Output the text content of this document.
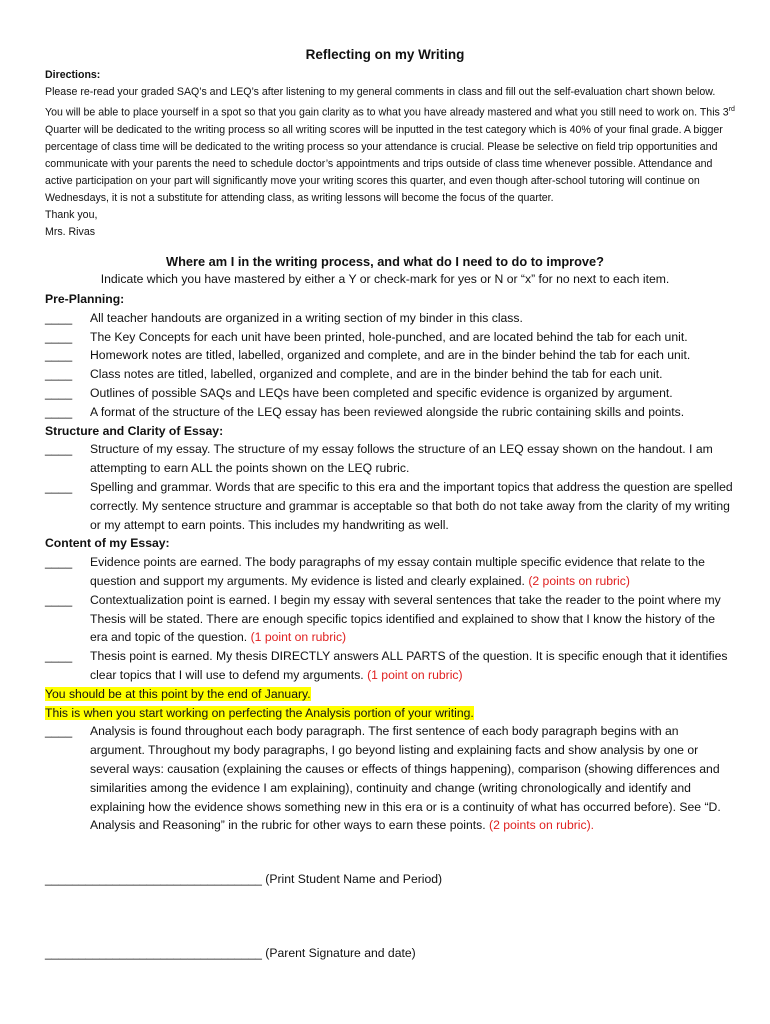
Reflecting on my Writing
Directions:

Please re-read your graded SAQ’s and LEQ’s after listening to my general comments in class and fill out the self-evaluation chart shown below. You will be able to place yourself in a spot so that you gain clarity as to what you have already mastered and what you still need to work on. This 3rd Quarter will be dedicated to the writing process so all writing scores will be inputted in the test category which is 40% of your final grade. A bigger percentage of class time will be dedicated to the writing process so your attendance is crucial. Please be selective on field trip opportunities and communicate with your parents the need to schedule doctor’s appointments and trips outside of class time whenever possible. Attendance and active participation on your part will significantly move your writing scores this quarter, and even though after-school tutoring will continue on Wednesdays, it is not a substitute for attending class, as writing lessons will become the focus of the quarter.

Thank you,

Mrs. Rivas

Where am I in the writing process, and what do I need to do to improve?
Indicate which you have mastered by either a Y or check-mark for yes or N or “x” for no next to each item.
Pre-Planning:
____	All teacher handouts are organized in a writing section of my binder in this class.
____	The Key Concepts for each unit have been printed, hole-punched, and are located behind the tab for each unit.
____	Homework notes are titled, labelled, organized and complete, and are in the binder behind the tab for each unit.
____	Class notes are titled, labelled, organized and complete, and are in the binder behind the tab for each unit.
____	Outlines of possible SAQs and LEQs have been completed and specific evidence is organized by argument.
____	A format of the structure of the LEQ essay has been reviewed alongside the rubric containing skills and points.
Structure and Clarity of Essay:
____	Structure of my essay. The structure of my essay follows the structure of an LEQ essay shown on the handout. I am attempting to earn ALL the points shown on the LEQ rubric.
____	Spelling and grammar. Words that are specific to this era and the important topics that address the question are spelled correctly. My sentence structure and grammar is acceptable so that both do not take away from the clarity of my writing or my attempt to earn points. This includes my handwriting as well.
Content of my Essay:
____	Evidence points are earned. The body paragraphs of my essay contain multiple specific evidence that relate to the question and support my arguments. My evidence is listed and clearly explained. (2 points on rubric)
____	Contextualization point is earned. I begin my essay with several sentences that take the reader to the point where my Thesis will be stated. There are enough specific topics identified and explained to show that I know the history of the era and topic of the question. (1 point on rubric)
____	Thesis point is earned. My thesis DIRECTLY answers ALL PARTS of the question. It is specific enough that it identifies clear topics that I will use to defend my arguments. (1 point on rubric)
You should be at this point by the end of January.
This is when you start working on perfecting the Analysis portion of your writing.
____	Analysis is found throughout each body paragraph. The first sentence of each body paragraph begins with an argument. Throughout my body paragraphs, I go beyond listing and explaining facts and show analysis by one or several ways: causation (explaining the causes or effects of things happening), comparison (showing differences and similarities among the evidence I am explaining), continuity and change (writing chronologically and identify and explaining how the evidence shows something new in this era or is a continuity of what has occurred before). See “D. Analysis and Reasoning” in the rubric for other ways to earn these points. (2 points on rubric).
________________________________ (Print Student Name and Period)
________________________________ (Parent Signature and date)
